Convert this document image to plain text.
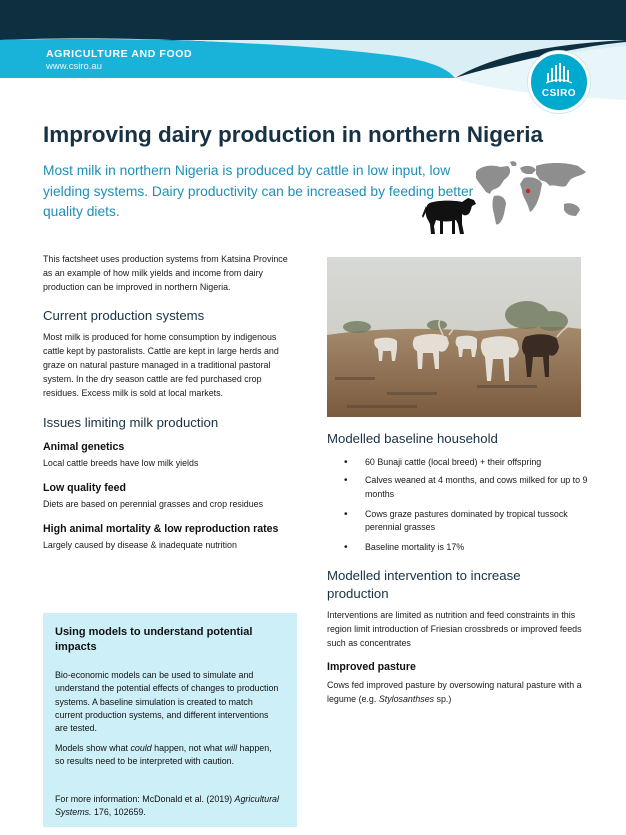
AGRICULTURE AND FOOD
www.csiro.au
CSIRO
Improving dairy production in northern Nigeria
Most milk in northern Nigeria is produced by cattle in low input, low yielding systems. Dairy productivity can be increased by feeding better quality diets.

This factsheet uses production systems from Katsina Province as an example of how milk yields and income from dairy production can be improved in northern Nigeria.

Current production systems

Most milk is produced for home consumption by indigenous cattle kept by pastoralists. Cattle are kept in large herds and graze on natural pasture managed in a traditional pastoral system. In the dry season cattle are fed purchased crop residues. Excess milk is sold at local markets.

Issues limiting milk production
Animal genetics

Local cattle breeds have low milk yields

Low quality feed

Diets are based on perennial grasses and crop residues

High animal mortality & low reproduction rates

Largely caused by disease & inadequate nutrition

Using models to understand potential impacts

Bio-economic models can be used to simulate and understand the potential effects of changes to production systems. A baseline simulation is created to match current production systems, and different interventions are tested.

Models show what could happen, not what will happen, so results need to be interpreted with caution.

For more information: McDonald et al. (2019) Agricultural Systems. 176, 102659.

Modelled baseline household
• 60 Bunaji cattle (local breed) + their offspring
• Calves weaned at 4 months, and cows milked for up to 9 months
• Cows graze pastures dominated by tropical tussock perennial grasses
• Baseline mortality is 17%
Modelled intervention to increase production

Interventions are limited as nutrition and feed constraints in this region limit introduction of Friesian crossbreds or improved feeds such as concentrates

Improved pasture

Cows fed improved pasture by oversowing natural pasture with a legume (e.g. Stylosanthses sp.)
